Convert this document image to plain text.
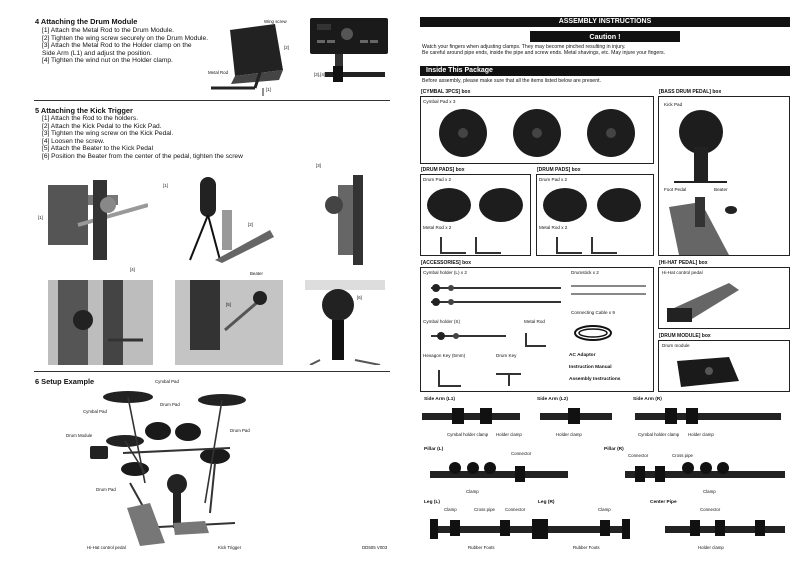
4 Attaching the Drum Module
[1] Attach the Metal Rod to the Drum Module.
[2] Tighten the wing screw securely on the Drum Module.
[3] Attach the Metal Rod to the Holder clamp on the
Side Arm (L1) and adjust the position.
[4] Tighten the wind nut on the Holder clamp.
Wing screw
[2]
Metal Rod	[3],[4]
[1]
5 Attaching the Kick Trigger
[1] Attach the Rod to the holders.
[2] Attach the Kick Pedal to the Kick Pad.
[3] Tighten the wing screw on the Kick Pedal.
[4] Loosen the screw.
[5] Attach the Beater to the Kick Pedal
[6] Position the Beater from the center of the pedal, tighten the screw
[1]
[1]
[2]
[3]
[4]
Beater
[5]
[6]
6 Setup Example	Cymbal Pad
Cymbal Pad
Drum Pad
Drum Module
Drum Pad
Drum Pad
Hi-Hat control pedal	Kick Trigger	DD505 V003
ASSEMBLY INSTRUCTIONS
Caution !
Watch your fingers when adjusting clamps. They may become pinched resulting in injury.
Be careful around pipe ends, inside the pipe and screw ends. Metal shavings, etc. May injure your fingers.
Inside This Package
Before assembly, please make sure that all the items listed below are present.
[CYMBAL 3PCS] box
Cymbal Pad x 3
[BASS DRUM PEDAL] box
Kick Pad
Foot Pedal	Beater
[DRUM PADS] box
Drum Pad x 2
Metal Rod x 2
[DRUM PADS] box
Drum Pad x 2
Metal Rod x 2
[ACCESSORIES] box
Cymbal holder (L) x 2	Drumstick x 2
Connecting Cable x 9
Cymbal holder (S)	Metal Rod
Hexagon Key (5mm)	Drum Key	AC Adaptor
Instruction Manual
Assembly Instructions
[HI-HAT PEDAL] box
Hi-Hat control pedal
[DRUM MODULE] box
Drum module
Side Arm (L1)	Side Arm (L2)	Side Arm (R)
Cymbal holder clamp Holder clamp	Holder clamp	Cymbal holder clamp Holder clamp
Pillar (L)
Connector
Pillar (R)
Connector	Cross pipe
Clamp	Clamp
Leg (L)
Clamp	Cross pipe Connector
Leg (R)
Clamp
Center Pipe
Connector
Rubber Foots	Rubber Foots	Holder clamp
